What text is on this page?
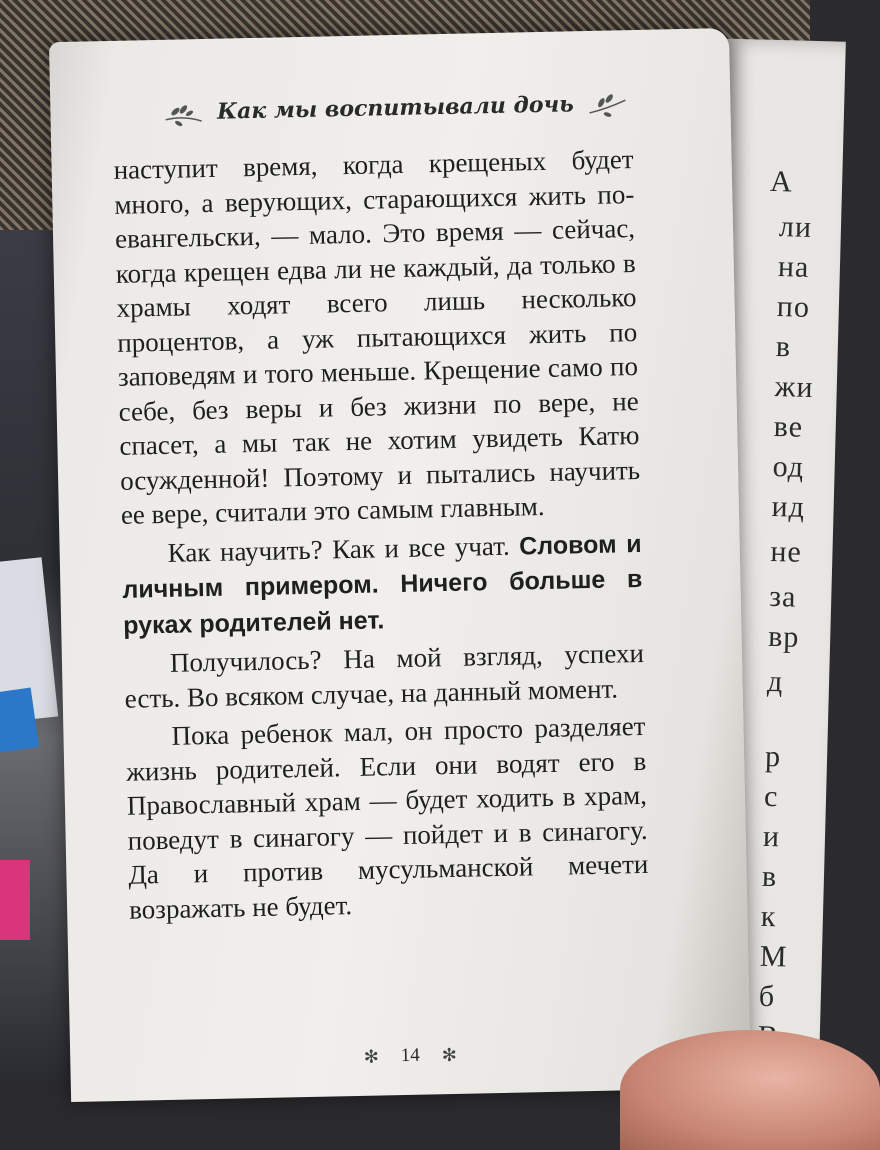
А
ли
на
по
в
жи
ве
од
ид
не
за
вр
д
р
с
и
в
к
М
б
Как мы воспитывали дочь

наступит время, когда крещеных будет много, а верующих, старающихся жить по-евангельски, — мало. Это время — сейчас, когда крещен едва ли не каждый, да только в храмы ходят всего лишь несколько процентов, а уж пытающихся жить по заповедям и того меньше. Крещение само по себе, без веры и без жизни по вере, не спасет, а мы так не хотим увидеть Катю осужденной! Поэтому и пытались научить ее вере, считали это самым главным.

Как научить? Как и все учат. Словом и личным примером. Ничего больше в руках родителей нет.

Получилось? На мой взгляд, успехи есть. Во всяком случае, на данный момент.

Пока ребенок мал, он просто разделяет жизнь родителей. Если они водят его в Православный храм — будет ходить в храм, поведут в синагогу — пойдет и в синагогу. Да и против мусульманской мечети возражать не будет.

✻ 14 ✻
